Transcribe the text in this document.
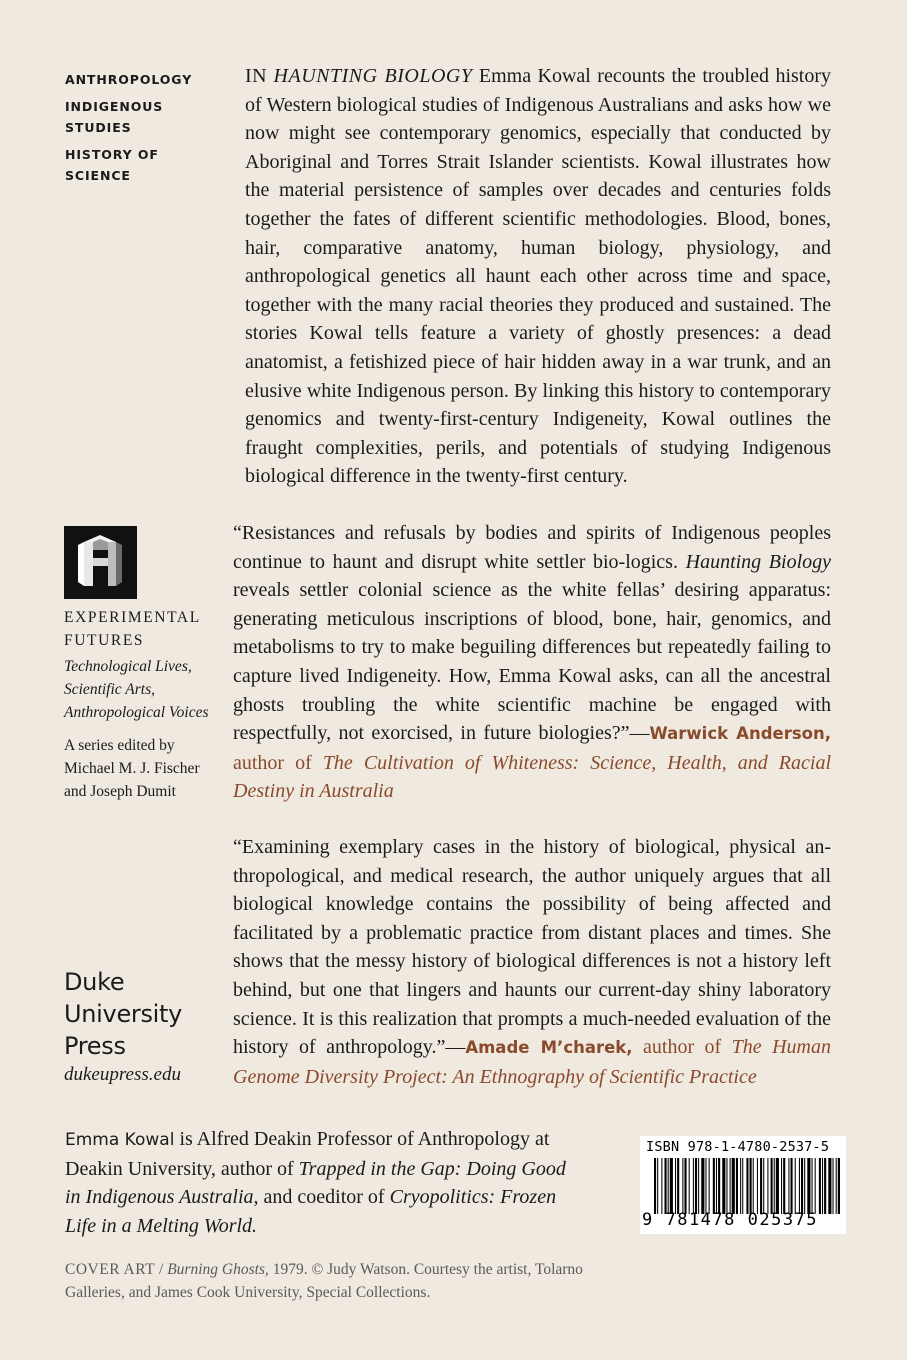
ANTHROPOLOGY
INDIGENOUS STUDIES
HISTORY OF SCIENCE

IN HAUNTING BIOLOGY Emma Kowal recounts the troubled history of Western biological studies of Indigenous Australians and asks how we now might see contemporary genomics, especially that conducted by Aboriginal and Torres Strait Islander scientists. Kowal illustrates how the material persistence of samples over decades and centuries folds together the fates of different scientific methodologies. Blood, bones, hair, comparative anatomy, human biology, physiology, and anthropological genetics all haunt each other across time and space, together with the many racial theories they produced and sustained. The stories Kowal tells feature a variety of ghostly presences: a dead anatomist, a fetishized piece of hair hidden away in a war trunk, and an elusive white Indigenous person. By linking this history to contemporary genomics and twenty-first-century Indigeneity, Kowal outlines the fraught complexities, perils, and potentials of studying Indigenous biological difference in the twenty-first century.

“Resistances and refusals by bodies and spirits of Indigenous peoples continue to haunt and disrupt white settler bio-logics. Haunting Biology reveals settler colonial science as the white fellas’ desiring apparatus: generating meticulous inscriptions of blood, bone, hair, genomics, and metabolisms to try to make beguiling differences but repeatedly failing to capture lived Indigeneity. How, Emma Kowal asks, can all the ancestral ghosts troubling the white scientific machine be engaged with respectfully, not exorcised, in future biologies?”—Warwick Anderson, author of The Cultivation of Whiteness: Science, Health, and Racial Destiny in Australia

“Examining exemplary cases in the history of biological, physical anthropological, and medical research, the author uniquely argues that all biological knowledge contains the possibility of being affected and facilitated by a problematic practice from distant places and times. She shows that the messy history of biological differences is not a history left behind, but one that lingers and haunts our current-day shiny laboratory science. It is this realization that prompts a much-needed evaluation of the history of anthropology.”—Amade M’charek, author of The Human Genome Diversity Project: An Ethnography of Scientific Practice

EXPERIMENTAL
FUTURES
Technological Lives,
Scientific Arts,
Anthropological Voices
A series edited by
Michael M. J. Fischer
and Joseph Dumit
Duke
University
Press
dukeupress.edu

Emma Kowal is Alfred Deakin Professor of Anthropology at Deakin University, author of Trapped in the Gap: Doing Good in Indigenous Australia, and coeditor of Cryopolitics: Frozen Life in a Melting World.

COVER ART / Burning Ghosts, 1979. © Judy Watson. Courtesy the artist, Tolarno Galleries, and James Cook University, Special Collections.

ISBN 978-1-4780-2537-5
9 781478 025375
